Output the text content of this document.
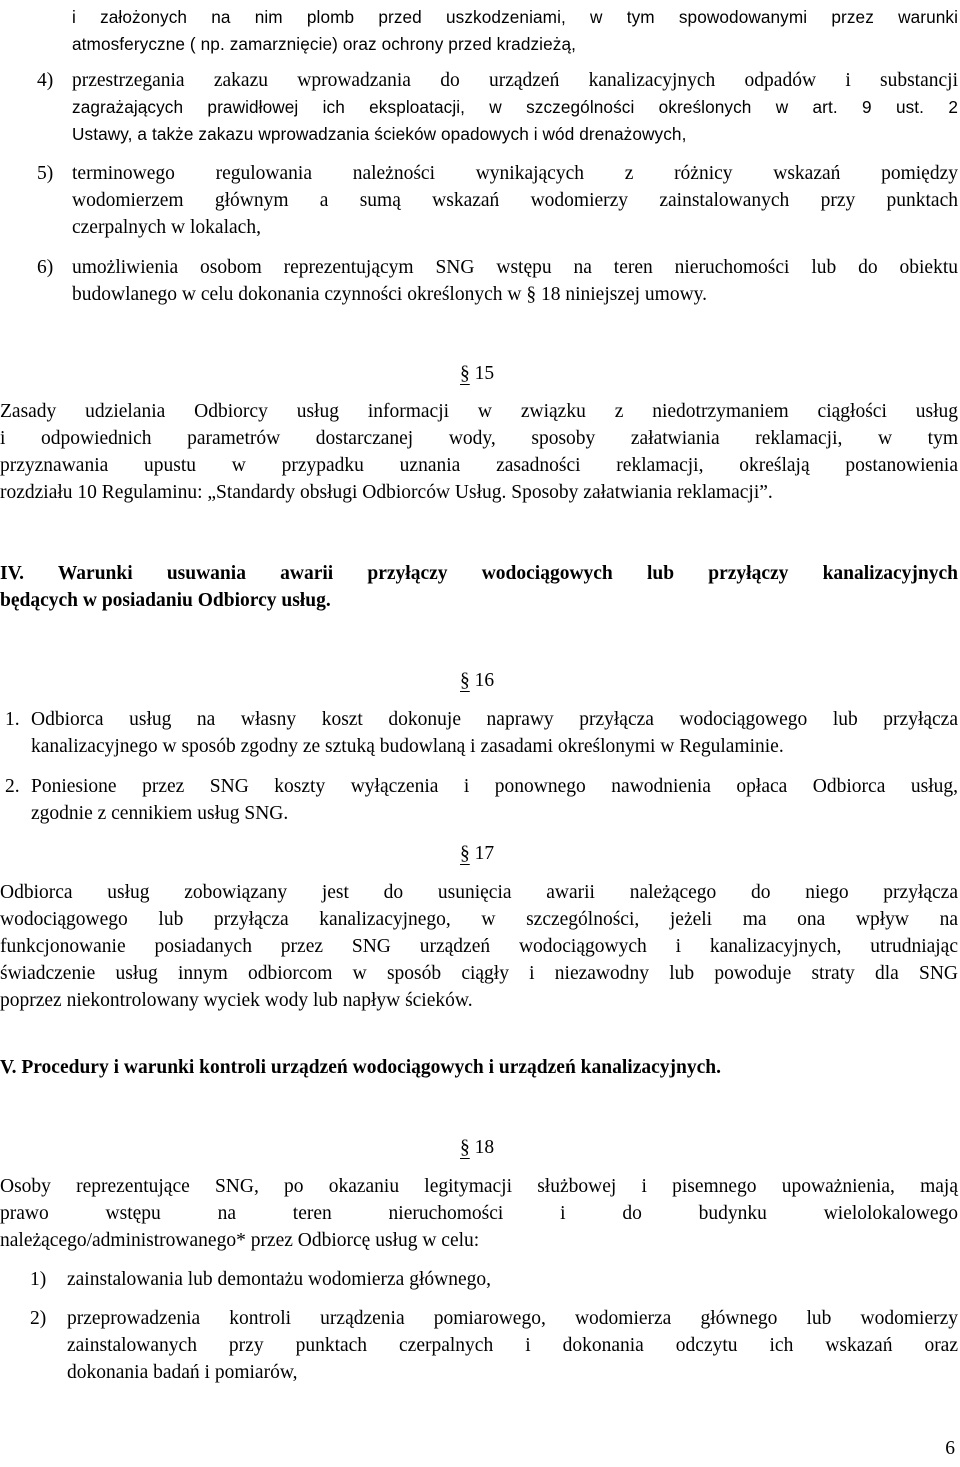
i założonych na nim plomb przed uszkodzeniami, w tym spowodowanymi przez warunki
atmosferyczne ( np. zamarznięcie) oraz ochrony przed kradzieżą,
4) przestrzegania zakazu wprowadzania do urządzeń kanalizacyjnych odpadów i substancji
zagrażających prawidłowej ich eksploatacji, w szczególności określonych w art. 9 ust. 2
Ustawy, a także zakazu wprowadzania ścieków opadowych i wód drenażowych,
5) terminowego regulowania należności wynikających z różnicy wskazań pomiędzy
wodomierzem głównym a sumą wskazań wodomierzy zainstalowanych przy punktach
czerpalnych w lokalach,
6) umożliwienia osobom reprezentującym SNG wstępu na teren nieruchomości lub do obiektu
budowlanego w celu dokonania czynności określonych w § 18 niniejszej umowy.
§ 15
Zasady udzielania Odbiorcy usług informacji w związku z niedotrzymaniem ciągłości usług
i odpowiednich parametrów dostarczanej wody, sposoby załatwiania reklamacji, w tym
przyznawania upustu w przypadku uznania zasadności reklamacji, określają postanowienia
rozdziału 10 Regulaminu: „Standardy obsługi Odbiorców Usług. Sposoby załatwiania reklamacji”.
IV. Warunki usuwania awarii przyłączy wodociągowych lub przyłączy kanalizacyjnych
będących w posiadaniu Odbiorcy usług.
§ 16
1. Odbiorca usług na własny koszt dokonuje naprawy przyłącza wodociągowego lub przyłącza
kanalizacyjnego w sposób zgodny ze sztuką budowlaną i zasadami określonymi w Regulaminie.
2. Poniesione przez SNG koszty wyłączenia i ponownego nawodnienia opłaca Odbiorca usług,
zgodnie z cennikiem usług SNG.
§ 17
Odbiorca usług zobowiązany jest do usunięcia awarii należącego do niego przyłącza
wodociągowego lub przyłącza kanalizacyjnego, w szczególności, jeżeli ma ona wpływ na
funkcjonowanie posiadanych przez SNG urządzeń wodociągowych i kanalizacyjnych, utrudniając
świadczenie usług innym odbiorcom w sposób ciągły i niezawodny lub powoduje straty dla SNG
poprzez niekontrolowany wyciek wody lub napływ ścieków.
V. Procedury i warunki kontroli urządzeń wodociągowych i urządzeń kanalizacyjnych.
§ 18
Osoby reprezentujące SNG, po okazaniu legitymacji służbowej i pisemnego upoważnienia, mają
prawo wstępu na teren nieruchomości i do budynku wielolokalowego
należącego/administrowanego* przez Odbiorcę usług w celu:
1) zainstalowania lub demontażu wodomierza głównego,
2) przeprowadzenia kontroli urządzenia pomiarowego, wodomierza głównego lub wodomierzy
zainstalowanych przy punktach czerpalnych i dokonania odczytu ich wskazań oraz
dokonania badań i pomiarów,
6
